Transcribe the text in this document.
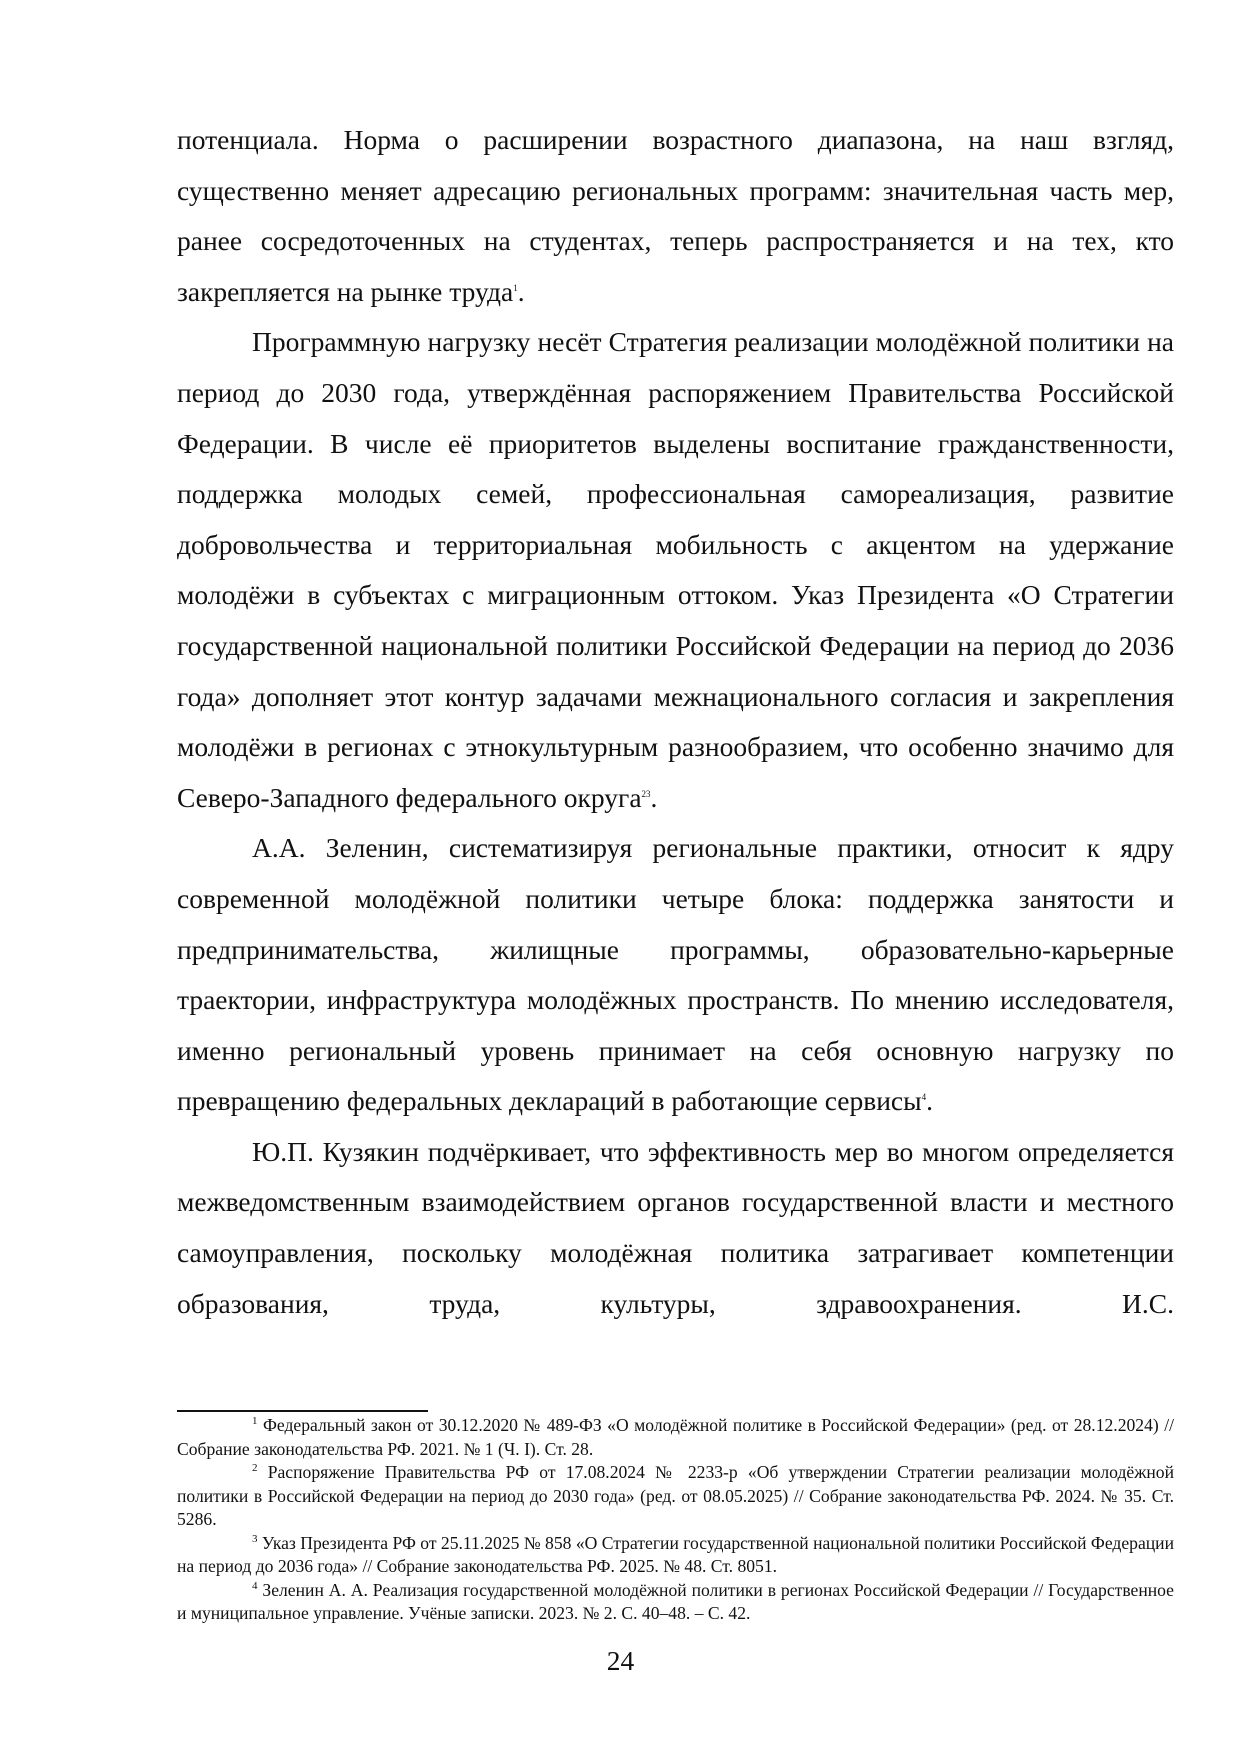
потенциала. Норма о расширении возрастного диапазона, на наш взгляд, существенно меняет адресацию региональных программ: значительная часть мер, ранее сосредоточенных на студентах, теперь распространяется и на тех, кто закрепляется на рынке труда$^1$.

Программную нагрузку несёт Стратегия реализации молодёжной политики на период до 2030 года, утверждённая распоряжением Правительства Российской Федерации. В числе её приоритетов выделены воспитание гражданственности, поддержка молодых семей, профессиональная самореализация, развитие добровольчества и территориальная мобильность с акцентом на удержание молодёжи в субъектах с миграционным оттоком. Указ Президента «О Стратегии государственной национальной политики Российской Федерации на период до 2036 года» дополняет этот контур задачами межнационального согласия и закрепления молодёжи в регионах с этнокультурным разнообразием, что особенно значимо для Северо-Западного федерального округа$^{23}$.

А.А. Зеленин, систематизируя региональные практики, относит к ядру современной молодёжной политики четыре блока: поддержка занятости и предпринимательства, жилищные программы, образовательно-карьерные траектории, инфраструктура молодёжных пространств. По мнению исследователя, именно региональный уровень принимает на себя основную нагрузку по превращению федеральных деклараций в работающие сервисы$^4$.

Ю.П. Кузякин подчёркивает, что эффективность мер во многом определяется межведомственным взаимодействием органов государственной власти и местного самоуправления, поскольку молодёжная политика затрагивает компетенции образования, труда, культуры, здравоохранения. И.С.

$^1$ Федеральный закон от 30.12.2020 № 489-ФЗ «О молодёжной политике в Российской Федерации» (ред. от 28.12.2024) // Собрание законодательства РФ. 2021. № 1 (Ч. I). Ст. 28.

$^2$ Распоряжение Правительства РФ от 17.08.2024 № 2233-р «Об утверждении Стратегии реализации молодёжной политики в Российской Федерации на период до 2030 года» (ред. от 08.05.2025) // Собрание законодательства РФ. 2024. № 35. Ст. 5286.

$^3$ Указ Президента РФ от 25.11.2025 № 858 «О Стратегии государственной национальной политики Российской Федерации на период до 2036 года» // Собрание законодательства РФ. 2025. № 48. Ст. 8051.

$^4$ Зеленин А. А. Реализация государственной молодёжной политики в регионах Российской Федерации // Государственное и муниципальное управление. Учёные записки. 2023. № 2. С. 40–48. – С. 42.

24
